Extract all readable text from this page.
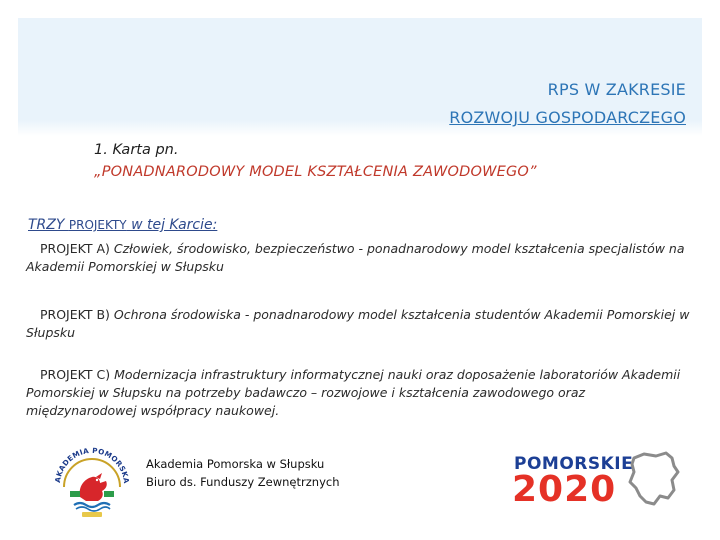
RPS W ZAKRESIE
ROZWOJU GOSPODARCZEGO
1. Karta pn.
„PONADNARODOWY MODEL KSZTAŁCENIA ZAWODOWEGO”
TRZY PROJEKTY w tej Karcie:
PROJEKT A) Człowiek, środowisko, bezpieczeństwo - ponadnarodowy model kształcenia specjalistów na Akademii Pomorskiej w Słupsku
PROJEKT B) Ochrona środowiska - ponadnarodowy model kształcenia studentów Akademii Pomorskiej w Słupsku
PROJEKT C) Modernizacja infrastruktury informatycznej nauki oraz doposażenie laboratoriów Akademii Pomorskiej w Słupsku na potrzeby badawczo – rozwojowe i kształcenia zawodowego oraz międzynarodowej współpracy naukowej.
AKADEMIA POMORSKA
Akademia Pomorska w Słupsku
Biuro ds. Funduszy Zewnętrznych
POMORSKIE
2020
